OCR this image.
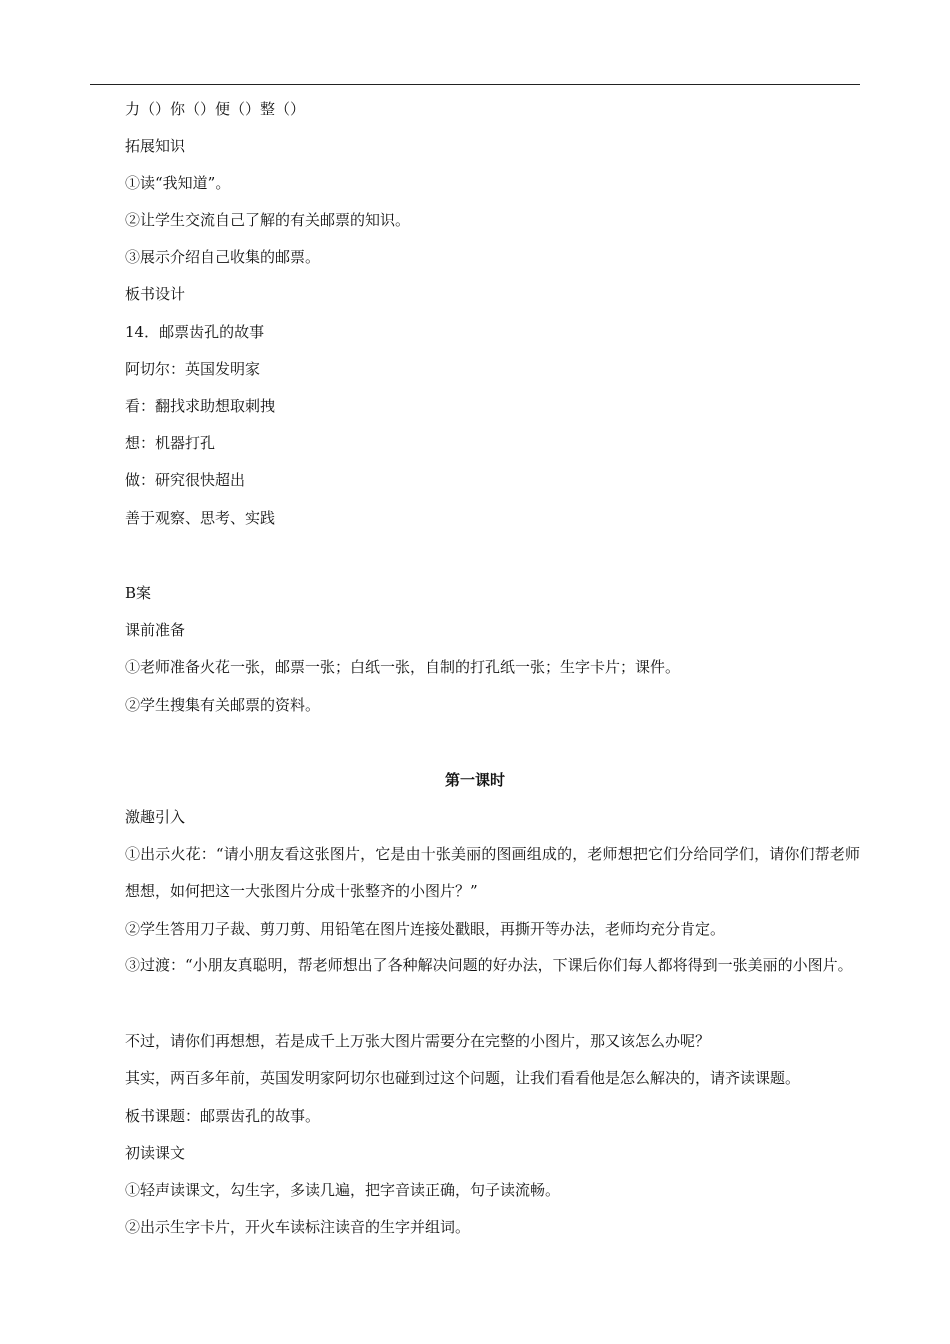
力（）你（）便（）整（）
拓展知识
①读“我知道”。
②让学生交流自己了解的有关邮票的知识。
③展示介绍自己收集的邮票。
板书设计
14．邮票齿孔的故事
阿切尔：英国发明家
看：翻找求助想取刺拽
想：机器打孔
做：研究很快超出
善于观察、思考、实践
B案
课前准备
①老师准备火花一张，邮票一张；白纸一张，自制的打孔纸一张；生字卡片；课件。
②学生搜集有关邮票的资料。
第一课时
激趣引入
①出示火花：“请小朋友看这张图片，它是由十张美丽的图画组成的，老师想把它们分给同学们，请你们帮老师想想，如何把这一大张图片分成十张整齐的小图片？”
②学生答用刀子裁、剪刀剪、用铅笔在图片连接处戳眼，再撕开等办法，老师均充分肯定。
③过渡：“小朋友真聪明，帮老师想出了各种解决问题的好办法，下课后你们每人都将得到一张美丽的小图片。
不过，请你们再想想，若是成千上万张大图片需要分在完整的小图片，那又该怎么办呢？
其实，两百多年前，英国发明家阿切尔也碰到过这个问题，让我们看看他是怎么解决的，请齐读课题。
板书课题：邮票齿孔的故事。
初读课文
①轻声读课文，勾生字，多读几遍，把字音读正确，句子读流畅。
②出示生字卡片，开火车读标注读音的生字并组词。
